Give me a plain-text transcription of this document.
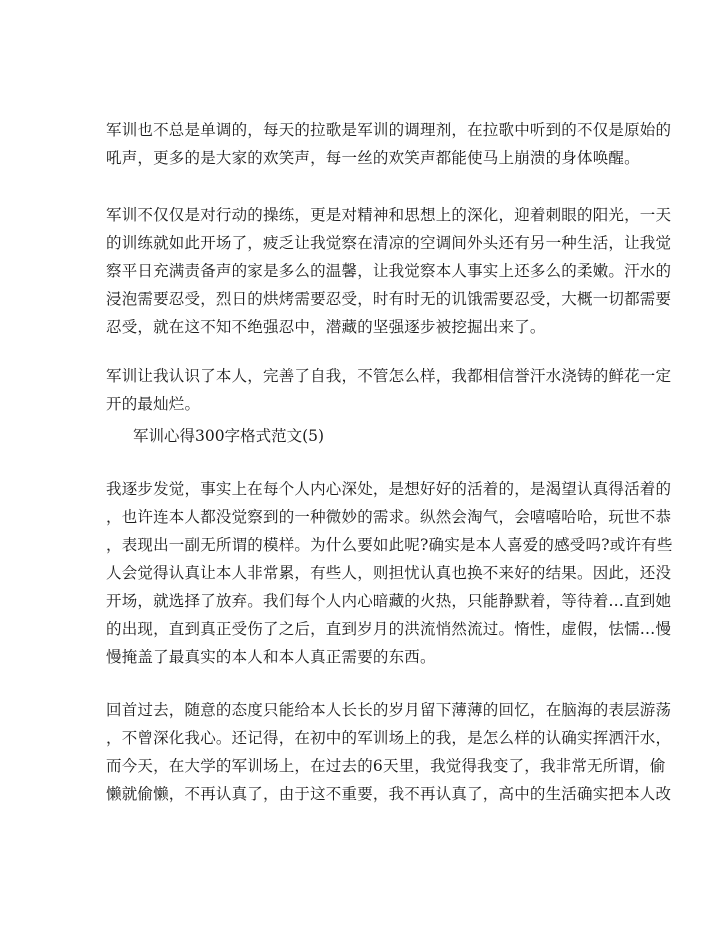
军训也不总是单调的，每天的拉歌是军训的调理剂，在拉歌中听到的不仅是原始的
吼声，更多的是大家的欢笑声，每一丝的欢笑声都能使马上崩溃的身体唤醒。

军训不仅仅是对行动的操练，更是对精神和思想上的深化，迎着刺眼的阳光，一天
的训练就如此开场了，疲乏让我觉察在清凉的空调间外头还有另一种生活，让我觉
察平日充满责备声的家是多么的温馨，让我觉察本人事实上还多么的柔嫩。汗水的
浸泡需要忍受，烈日的烘烤需要忍受，时有时无的讥饿需要忍受，大概一切都需要
忍受，就在这不知不绝强忍中，潜藏的坚强逐步被挖掘出来了。

军训让我认识了本人，完善了自我，不管怎么样，我都相信誉汗水浇铸的鲜花一定
开的最灿烂。

军训心得300字格式范文(5)

我逐步发觉，事实上在每个人内心深处，是想好好的活着的，是渴望认真得活着的
，也许连本人都没觉察到的一种微妙的需求。纵然会淘气，会嘻嘻哈哈，玩世不恭
，表现出一副无所谓的模样。为什么要如此呢?确实是本人喜爱的感受吗?或许有些
人会觉得认真让本人非常累，有些人，则担忧认真也换不来好的结果。因此，还没
开场，就选择了放弃。我们每个人内心暗藏的火热，只能静默着，等待着…直到她
的出现，直到真正受伤了之后，直到岁月的洪流悄然流过。惰性，虚假，怯懦…慢
慢掩盖了最真实的本人和本人真正需要的东西。

回首过去，随意的态度只能给本人长长的岁月留下薄薄的回忆，在脑海的表层游荡
，不曾深化我心。还记得，在初中的军训场上的我，是怎么样的认确实挥洒汗水，
而今天，在大学的军训场上，在过去的6天里，我觉得我变了，我非常无所谓，偷
懒就偷懒，不再认真了，由于这不重要，我不再认真了，高中的生活确实把本人改
